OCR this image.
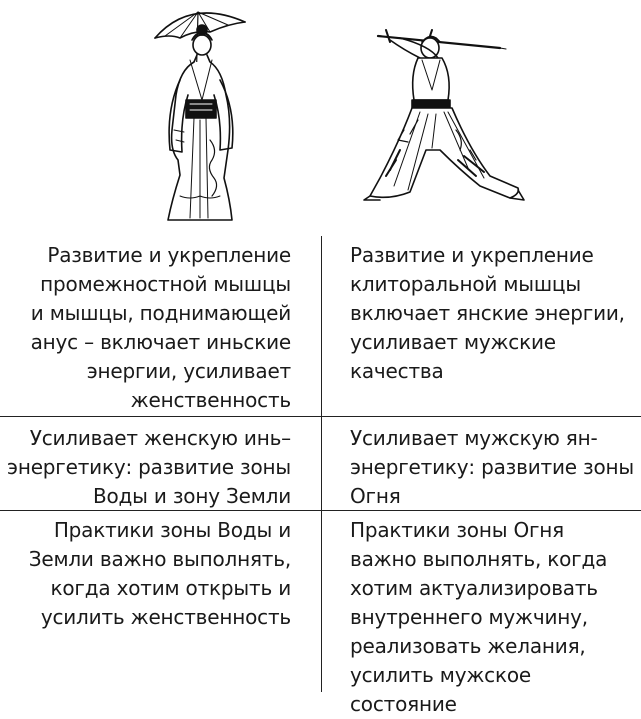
Развитие и укрепление
промежностной мышцы
и мышцы, поднимающей
анус – включает иньские
энергии, усиливает
женственность
Развитие и укрепление
клиторальной мышцы
включает янские энергии,
усиливает мужские
качества
Усиливает женскую инь–
энергетику: развитие зоны
Воды и зону Земли
Усиливает мужскую ян-
энергетику: развитие зоны
Огня
Практики зоны Воды и
Земли важно выполнять,
когда хотим открыть и
усилить женственность
Практики зоны Огня
важно выполнять, когда
хотим актуализировать
внутреннего мужчину,
реализовать желания,
усилить мужское состояние
